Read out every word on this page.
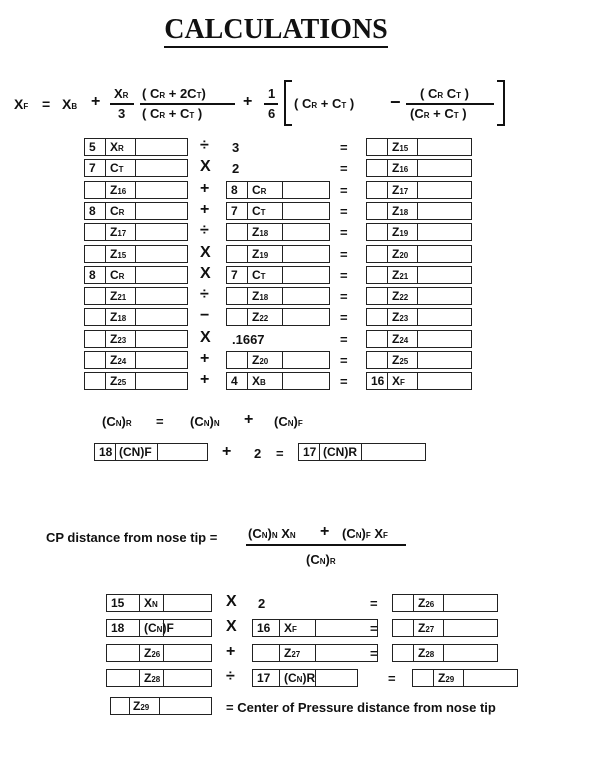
CALCULATIONS
XF = XB + XR
3
( CR + 2CT)
( CR + CT )
+ 1
6
( CR + CT ) − ( CR CT )
(CR + CT )
5 XR	÷ 3	=	Z15
7 CT	X 2	=	Z16
Z16	+ 8 CR	=	Z17
8 CR	+ 7 CT	=	Z18
Z17	÷	Z18	=	Z19
Z15	X	Z19	=	Z20
8 CR	X 7 CT	=	Z21
Z21	÷	Z18	=	Z22
Z18	−	Z22	=	Z23
Z23	X .1667	=	Z24
Z24	+	Z20	=	Z25
Z25	+ 4 XB	= 16 XF
(CN)R = (CN)N + (CN)F
18 (CN)F	+ 2 = 17 (CN)R
CP distance from nose tip = (CN)N XN + (CN)F XF
(CN)R
15 XN	X 2	=	Z26
18 (CN)F	X 16 XF	=	Z27
Z26	+	Z27	=	Z28
Z28	÷ 17 (CN)R	=	Z29
Z29	= Center of Pressure distance from nose tip
